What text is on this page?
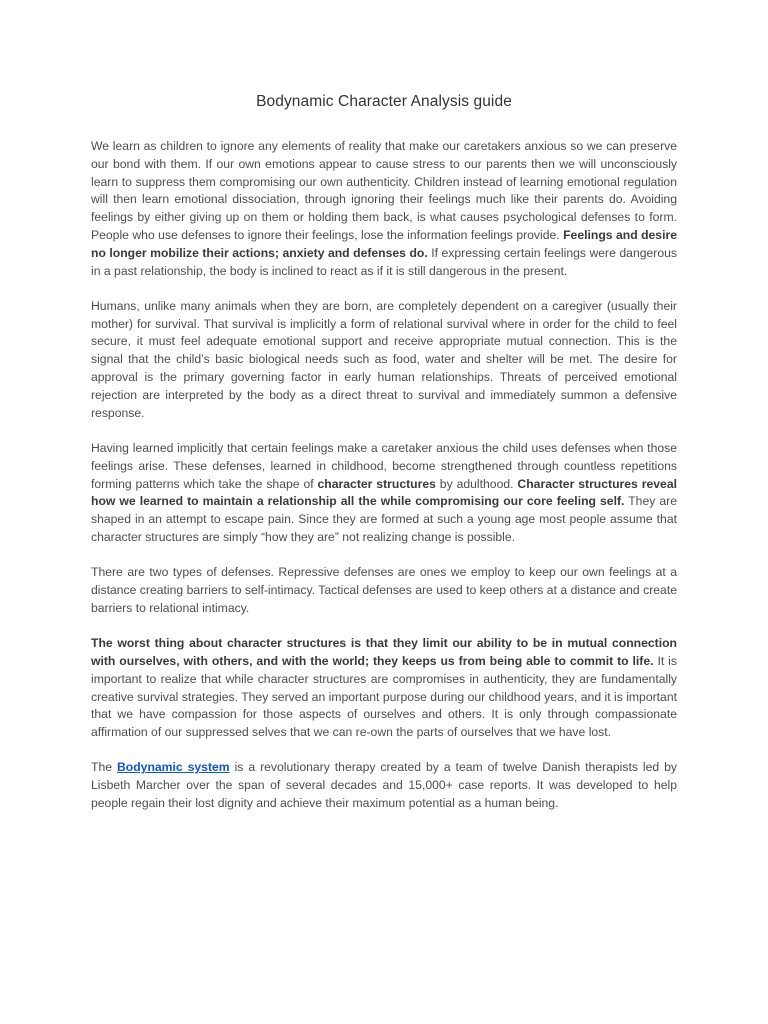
Bodynamic Character Analysis guide

We learn as children to ignore any elements of reality that make our caretakers anxious so we can preserve our bond with them. If our own emotions appear to cause stress to our parents then we will unconsciously learn to suppress them compromising our own authenticity. Children instead of learning emotional regulation will then learn emotional dissociation, through ignoring their feelings much like their parents do. Avoiding feelings by either giving up on them or holding them back, is what causes psychological defenses to form. People who use defenses to ignore their feelings, lose the information feelings provide. Feelings and desire no longer mobilize their actions; anxiety and defenses do. If expressing certain feelings were dangerous in a past relationship, the body is inclined to react as if it is still dangerous in the present.

Humans, unlike many animals when they are born, are completely dependent on a caregiver (usually their mother) for survival. That survival is implicitly a form of relational survival where in order for the child to feel secure, it must feel adequate emotional support and receive appropriate mutual connection. This is the signal that the child’s basic biological needs such as food, water and shelter will be met. The desire for approval is the primary governing factor in early human relationships. Threats of perceived emotional rejection are interpreted by the body as a direct threat to survival and immediately summon a defensive response.

Having learned implicitly that certain feelings make a caretaker anxious the child uses defenses when those feelings arise. These defenses, learned in childhood, become strengthened through countless repetitions forming patterns which take the shape of character structures by adulthood. Character structures reveal how we learned to maintain a relationship all the while compromising our core feeling self. They are shaped in an attempt to escape pain. Since they are formed at such a young age most people assume that character structures are simply “how they are” not realizing change is possible.

There are two types of defenses. Repressive defenses are ones we employ to keep our own feelings at a distance creating barriers to self-intimacy. Tactical defenses are used to keep others at a distance and create barriers to relational intimacy.

The worst thing about character structures is that they limit our ability to be in mutual connection with ourselves, with others, and with the world; they keeps us from being able to commit to life. It is important to realize that while character structures are compromises in authenticity, they are fundamentally creative survival strategies. They served an important purpose during our childhood years, and it is important that we have compassion for those aspects of ourselves and others. It is only through compassionate affirmation of our suppressed selves that we can re-own the parts of ourselves that we have lost.

The Bodynamic system is a revolutionary therapy created by a team of twelve Danish therapists led by Lisbeth Marcher over the span of several decades and 15,000+ case reports. It was developed to help people regain their lost dignity and achieve their maximum potential as a human being.
